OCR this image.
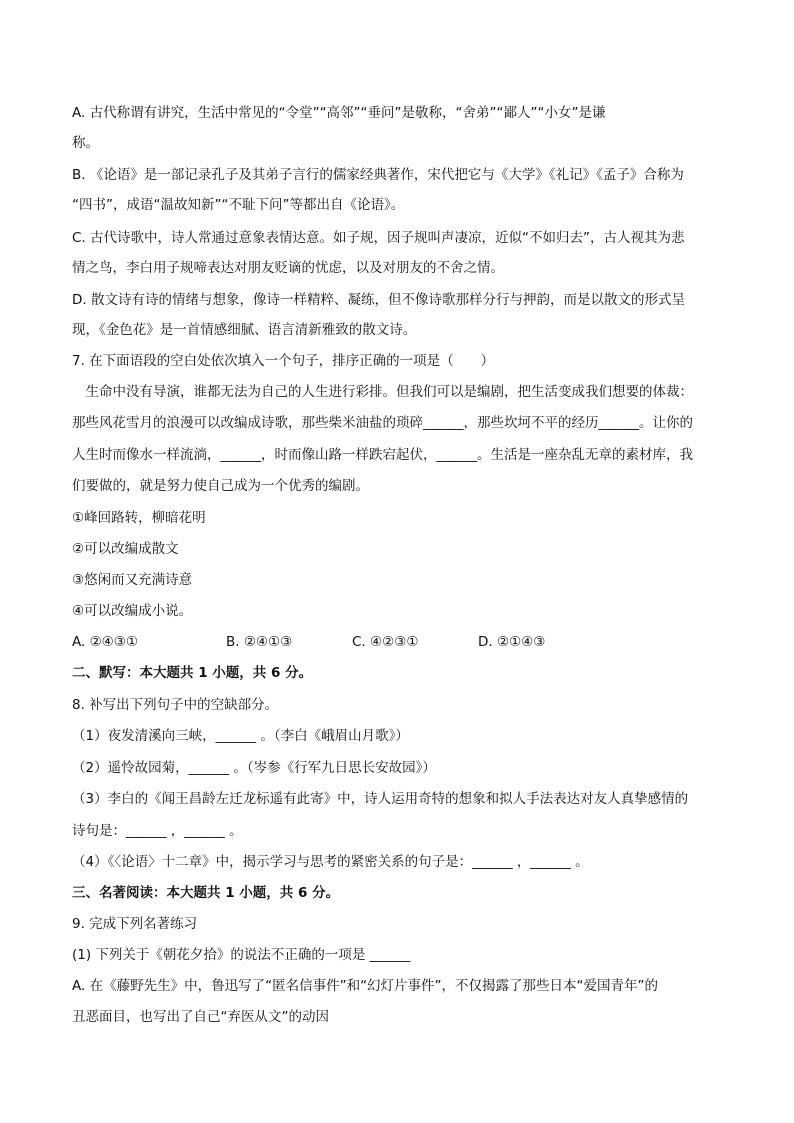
A. 古代称谓有讲究，生活中常见的“令堂”“高邻”“垂问”是敬称，“舍弟”“鄙人”“小女”是谦
称。
B. 《论语》是一部记录孔子及其弟子言行的儒家经典著作，宋代把它与《大学》《礼记》《孟子》合称为
“四书”，成语“温故知新”“不耻下问”等都出自《论语》。
C. 古代诗歌中，诗人常通过意象表情达意。如子规，因子规叫声凄凉，近似“不如归去”，古人视其为悲
情之鸟，李白用子规啼表达对朋友贬谪的忧虑，以及对朋友的不舍之情。
D. 散文诗有诗的情绪与想象，像诗一样精粹、凝练，但不像诗歌那样分行与押韵，而是以散文的形式呈
现，《金色花》是一首情感细腻、语言清新雅致的散文诗。
7. 在下面语段的空白处依次填入一个句子，排序正确的一项是（　　）
　生命中没有导演，谁都无法为自己的人生进行彩排。但我们可以是编剧，把生活变成我们想要的体裁：
那些风花雪月的浪漫可以改编成诗歌，那些柴米油盐的琐碎______，那些坎坷不平的经历______。让你的
人生时而像水一样流淌，______，时而像山路一样跌宕起伏，______。生活是一座杂乱无章的素材库，我
们要做的，就是努力使自己成为一个优秀的编剧。
①峰回路转，柳暗花明
②可以改编成散文
③悠闲而又充满诗意
④可以改编成小说。
A. ②④③①	B. ②④①③	C. ④②③①	D. ②①④③
二、默写：本大题共 1 小题，共 6 分。
8. 补写出下列句子中的空缺部分。
（1）夜发清溪向三峡，______ 。（李白《峨眉山月歌》）
（2）遥怜故园菊，______ 。（岑参《行军九日思长安故园》）
（3）李白的《闻王昌龄左迁龙标遥有此寄》中，诗人运用奇特的想象和拟人手法表达对友人真挚感情的
诗句是：______ ，______ 。
（4）《〈论语〉十二章》中，揭示学习与思考的紧密关系的句子是：______ ，______ 。
三、名著阅读：本大题共 1 小题，共 6 分。
9. 完成下列名著练习
(1) 下列关于《朝花夕拾》的说法不正确的一项是 ______
A. 在《藤野先生》中，鲁迅写了“匿名信事件”和“幻灯片事件”，不仅揭露了那些日本“爱国青年”的
丑恶面目，也写出了自己“弃医从文”的动因
